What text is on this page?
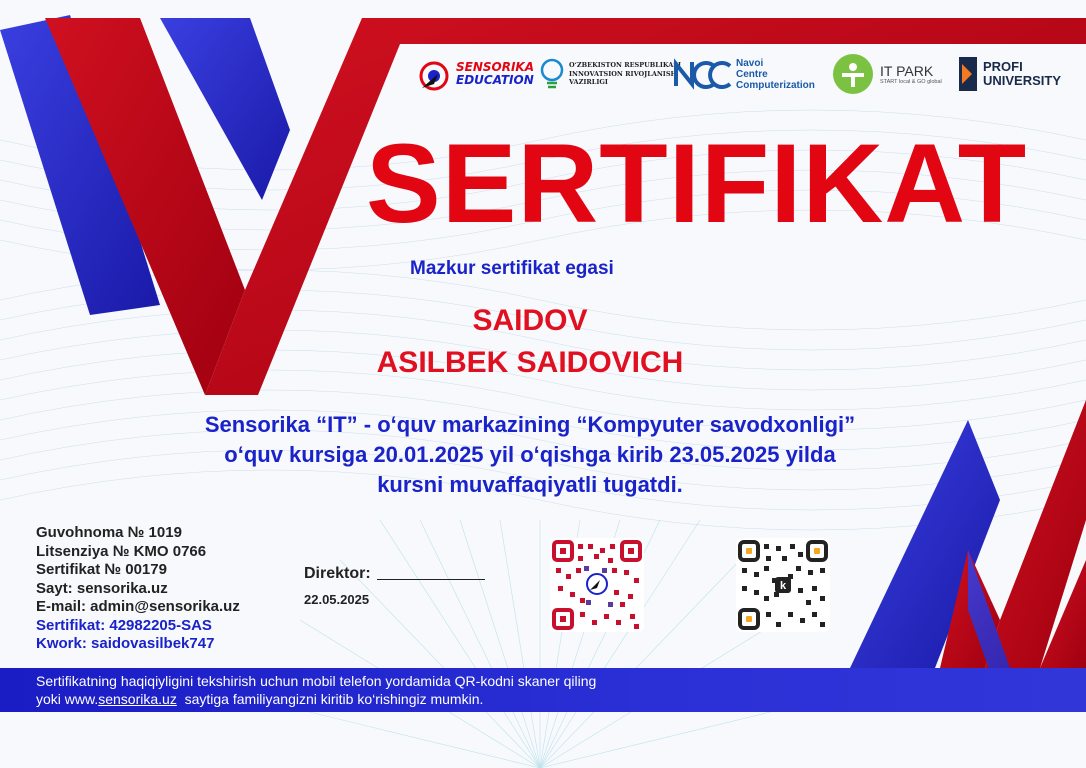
SENSORIKA
EDUCATION
O‘ZBEKISTON RESPUBLIKASI
INNOVATSION RIVOJLANISH
VAZIRLIGI
Navoi
Centre
Computerization
IT PARK
START local & GO global
PROFI
UNIVERSITY
SERTIFIKAT
Mazkur sertifikat egasi
SAIDOV
ASILBEK SAIDOVICH
Sensorika “IT” - o‘quv markazining “Kompyuter savodxonligi”
o‘quv kursiga 20.01.2025 yil o‘qishga kirib 23.05.2025 yilda
kursni muvaffaqiyatli tugatdi.
Guvohnoma № 1019
Litsenziya № KMO 0766
Sertifikat № 00179
Sayt: sensorika.uz
E-mail: admin@sensorika.uz
Sertifikat: 42982205-SAS
Kwork: saidovasilbek747
Direktor:
22.05.2025
k
Sertifikatning haqiqiyligini tekshirish uchun mobil telefon yordamida QR-kodni skaner qiling
yoki www.sensorika.uz  saytiga familiyangizni kiritib ko‘rishingiz mumkin.
